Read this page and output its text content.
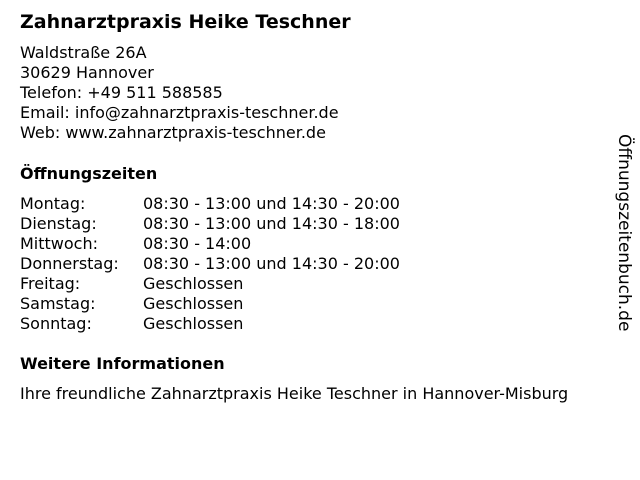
Zahnarztpraxis Heike Teschner
Waldstraße 26A
30629 Hannover
Telefon: +49 511 588585
Email: info@zahnarztpraxis-teschner.de
Web: www.zahnarztpraxis-teschner.de
Öffnungszeiten
Montag:	08:30 - 13:00 und 14:30 - 20:00
Dienstag:	08:30 - 13:00 und 14:30 - 18:00
Mittwoch:	08:30 - 14:00
Donnerstag:	08:30 - 13:00 und 14:30 - 20:00
Freitag:	Geschlossen
Samstag:	Geschlossen
Sonntag:	Geschlossen
Weitere Informationen
Ihre freundliche Zahnarztpraxis Heike Teschner in Hannover-Misburg
Öffnungszeitenbuch.de
